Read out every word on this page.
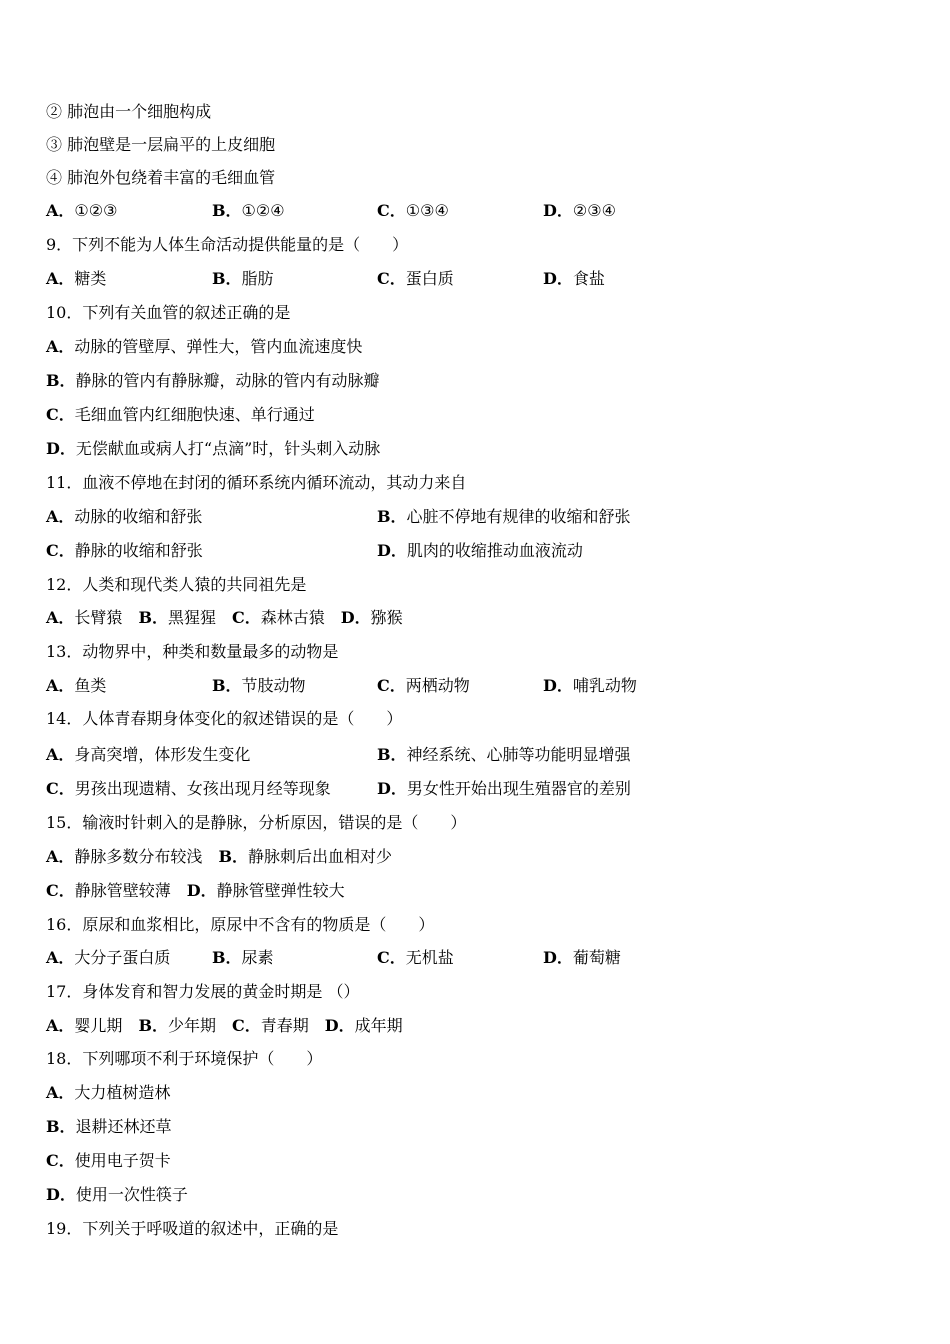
② 肺泡由一个细胞构成
③ 肺泡壁是一层扁平的上皮细胞
④ 肺泡外包绕着丰富的毛细血管
A．①②③	B．①②④	C．①③④	D．②③④
9．下列不能为人体生命活动提供能量的是（　　）
A．糖类	B．脂肪	C．蛋白质	D．食盐
10．下列有关血管的叙述正确的是
A．动脉的管壁厚、弹性大，管内血流速度快
B．静脉的管内有静脉瓣，动脉的管内有动脉瓣
C．毛细血管内红细胞快速、单行通过
D．无偿献血或病人打“点滴”时，针头刺入动脉
11．血液不停地在封闭的循环系统内循环流动，其动力来自
A．动脉的收缩和舒张	B．心脏不停地有规律的收缩和舒张
C．静脉的收缩和舒张	D．肌肉的收缩推动血液流动
12．人类和现代类人猿的共同祖先是
A．长臂猿　B．黑猩猩　C．森林古猿　D．猕猴
13．动物界中，种类和数量最多的动物是
A．鱼类	B．节肢动物	C．两栖动物	D．哺乳动物
14．人体青春期身体变化的叙述错误的是（　　）
A．身高突增，体形发生变化	B．神经系统、心肺等功能明显增强
C．男孩出现遗精、女孩出现月经等现象	D．男女性开始出现生殖器官的差别
15．输液时针刺入的是静脉，分析原因，错误的是（　　）
A．静脉多数分布较浅　B．静脉刺后出血相对少
C．静脉管壁较薄　D．静脉管壁弹性较大
16．原尿和血浆相比，原尿中不含有的物质是（　　）
A．大分子蛋白质	B．尿素	C．无机盐	D．葡萄糖
17．身体发育和智力发展的黄金时期是 （）
A．婴儿期　B．少年期　C．青春期　D．成年期
18．下列哪项不利于环境保护（　　）
A．大力植树造林
B．退耕还林还草
C．使用电子贺卡
D．使用一次性筷子
19．下列关于呼吸道的叙述中，正确的是
